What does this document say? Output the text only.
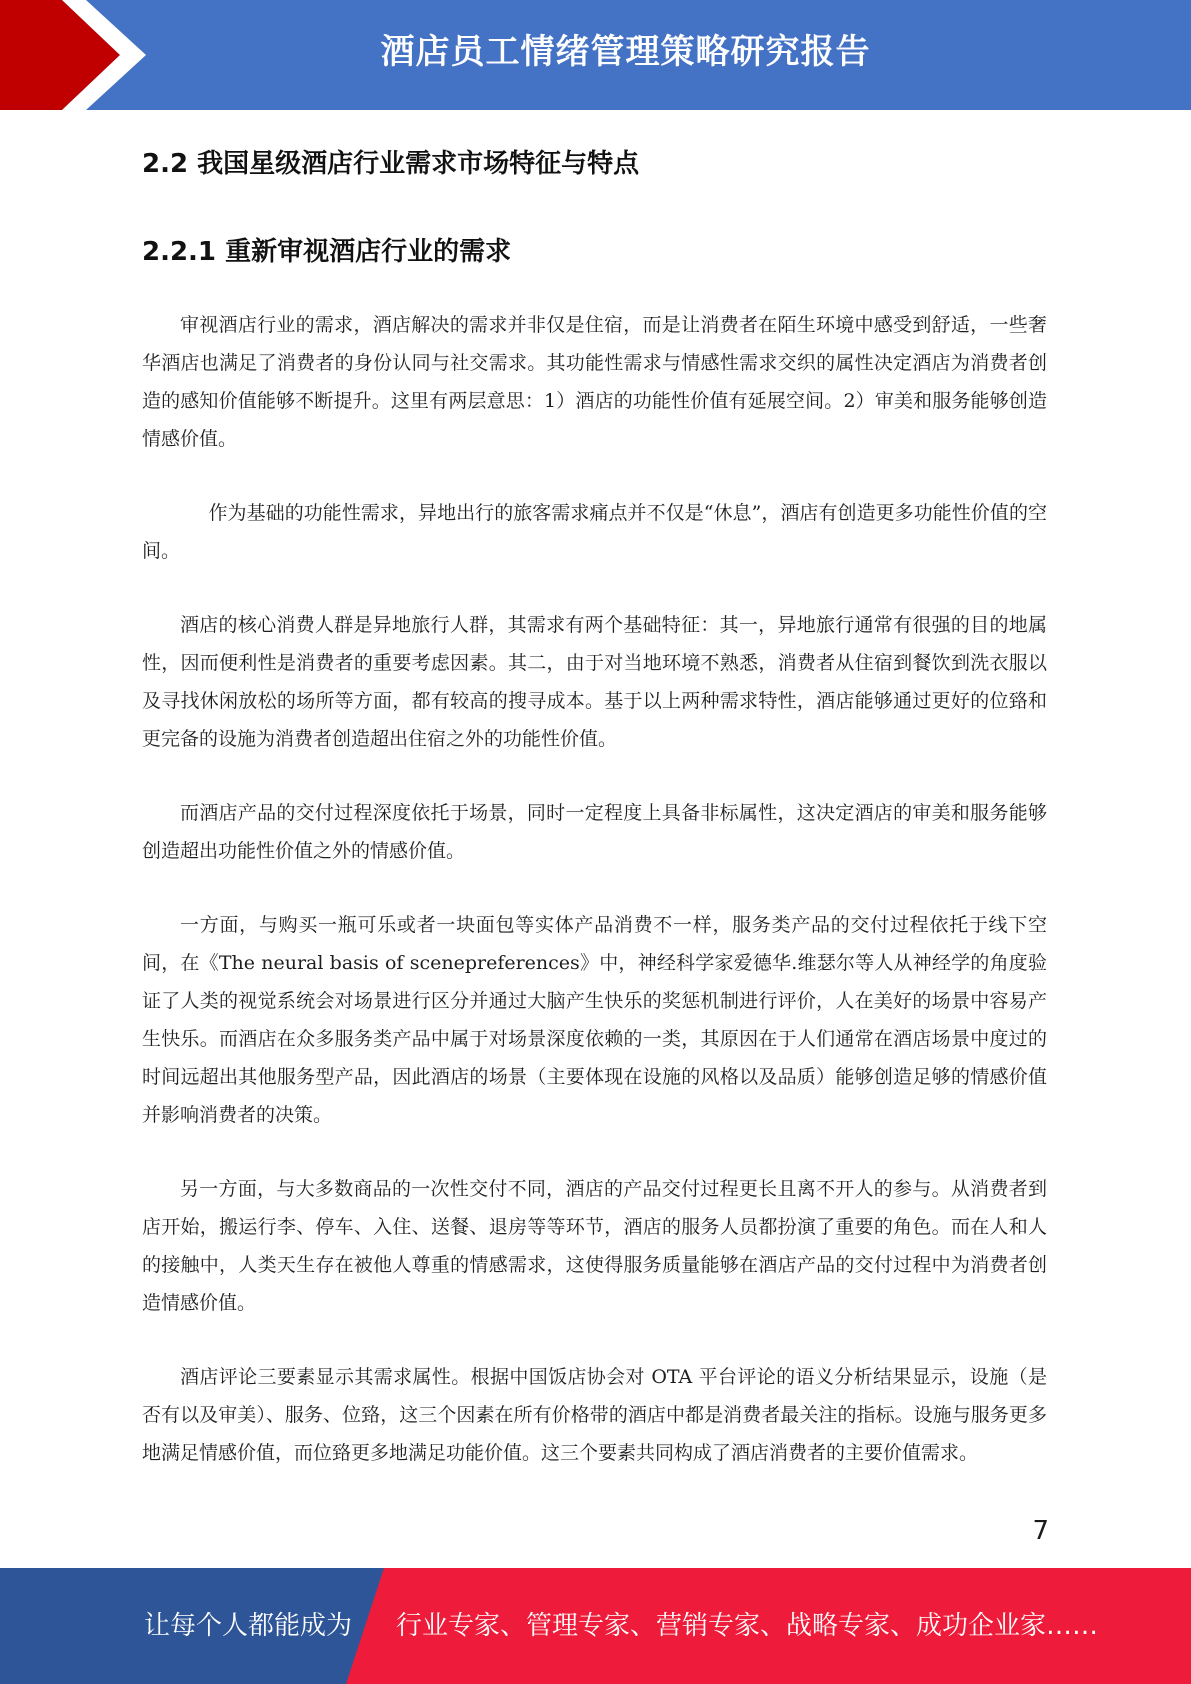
酒店员工情绪管理策略研究报告
2.2 我国星级酒店行业需求市场特征与特点
2.2.1 重新审视酒店行业的需求

审视酒店行业的需求，酒店解决的需求并非仅是住宿，而是让消费者在陌生环境中感受到舒适，一些奢华酒店也满足了消费者的身份认同与社交需求。其功能性需求与情感性需求交织的属性决定酒店为消费者创造的感知价值能够不断提升。这里有两层意思：1）酒店的功能性价值有延展空间。2）审美和服务能够创造情感价值。

作为基础的功能性需求，异地出行的旅客需求痛点并不仅是“休息”，酒店有创造更多功能性价值的空间。

酒店的核心消费人群是异地旅行人群，其需求有两个基础特征：其一，异地旅行通常有很强的目的地属性，因而便利性是消费者的重要考虑因素。其二，由于对当地环境不熟悉，消费者从住宿到餐饮到洗衣服以及寻找休闲放松的场所等方面，都有较高的搜寻成本。基于以上两种需求特性，酒店能够通过更好的位臵和更完备的设施为消费者创造超出住宿之外的功能性价值。

而酒店产品的交付过程深度依托于场景，同时一定程度上具备非标属性，这决定酒店的审美和服务能够创造超出功能性价值之外的情感价值。

一方面，与购买一瓶可乐或者一块面包等实体产品消费不一样，服务类产品的交付过程依托于线下空间，在《The neural basis of scenepreferences》中，神经科学家爱德华.维瑟尔等人从神经学的角度验证了人类的视觉系统会对场景进行区分并通过大脑产生快乐的奖惩机制进行评价，人在美好的场景中容易产生快乐。而酒店在众多服务类产品中属于对场景深度依赖的一类，其原因在于人们通常在酒店场景中度过的时间远超出其他服务型产品，因此酒店的场景（主要体现在设施的风格以及品质）能够创造足够的情感价值并影响消费者的决策。

另一方面，与大多数商品的一次性交付不同，酒店的产品交付过程更长且离不开人的参与。从消费者到店开始，搬运行李、停车、入住、送餐、退房等等环节，酒店的服务人员都扮演了重要的角色。而在人和人的接触中，人类天生存在被他人尊重的情感需求，这使得服务质量能够在酒店产品的交付过程中为消费者创造情感价值。

酒店评论三要素显示其需求属性。根据中国饭店协会对 OTA 平台评论的语义分析结果显示，设施（是否有以及审美）、服务、位臵，这三个因素在所有价格带的酒店中都是消费者最关注的指标。设施与服务更多地满足情感价值，而位臵更多地满足功能价值。这三个要素共同构成了酒店消费者的主要价值需求。

7
让每个人都能成为 行业专家、管理专家、营销专家、战略专家、成功企业家……
